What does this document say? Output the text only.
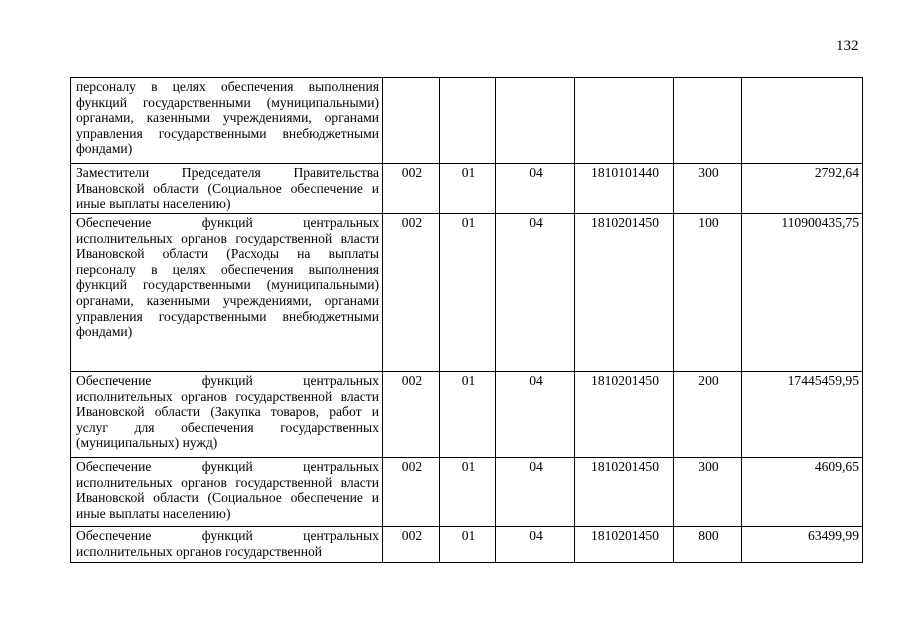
132
персоналу в целях обеспечения выполнения функций государственными (муниципальными) органами, казенными учреждениями, органами управления государственными внебюджетными фондами)						
Заместители Председателя Правительства Ивановской области (Социальное обеспечение и иные выплаты населению)	002	01	04	1810101440	300	2792,64
Обеспечение функций центральных исполнительных органов государственной власти Ивановской области (Расходы на выплаты персоналу в целях обеспечения выполнения функций государственными (муниципальными) органами, казенными учреждениями, органами управления государственными внебюджетными фондами)	002	01	04	1810201450	100	110900435,75
Обеспечение функций центральных исполнительных органов государственной власти Ивановской области (Закупка товаров, работ и услуг для обеспечения государственных (муниципальных) нужд)	002	01	04	1810201450	200	17445459,95
Обеспечение функций центральных исполнительных органов государственной власти Ивановской области (Социальное обеспечение и иные выплаты населению)	002	01	04	1810201450	300	4609,65
Обеспечение функций центральных исполнительных органов государственной	002	01	04	1810201450	800	63499,99
